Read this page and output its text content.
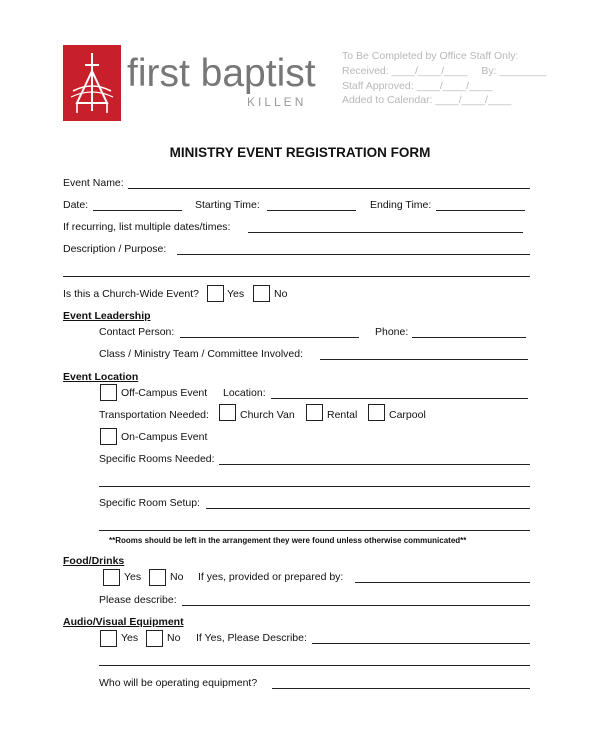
first baptist
KILLEN
To Be Completed by Office Staff Only:
Received: ____/____/____ By: ________
Staff Approved: ____/____/____
Added to Calendar: ____/____/____
MINISTRY EVENT REGISTRATION FORM
Event Name:
Date:	Starting Time:	Ending Time:
If recurring, list multiple dates/times:
Description / Purpose:
Is this a Church-Wide Event?	Yes	No
Event Leadership
Contact Person:	Phone:
Class / Ministry Team / Committee Involved:
Event Location
Off-Campus Event Location:
Transportation Needed:	Church Van	Rental	Carpool
On-Campus Event
Specific Rooms Needed:
Specific Room Setup:
**Rooms should be left in the arrangement they were found unless otherwise communicated**
Food/Drinks
Yes	No If yes, provided or prepared by:
Please describe:
Audio/Visual Equipment
Yes	No If Yes, Please Describe:
Who will be operating equipment?
